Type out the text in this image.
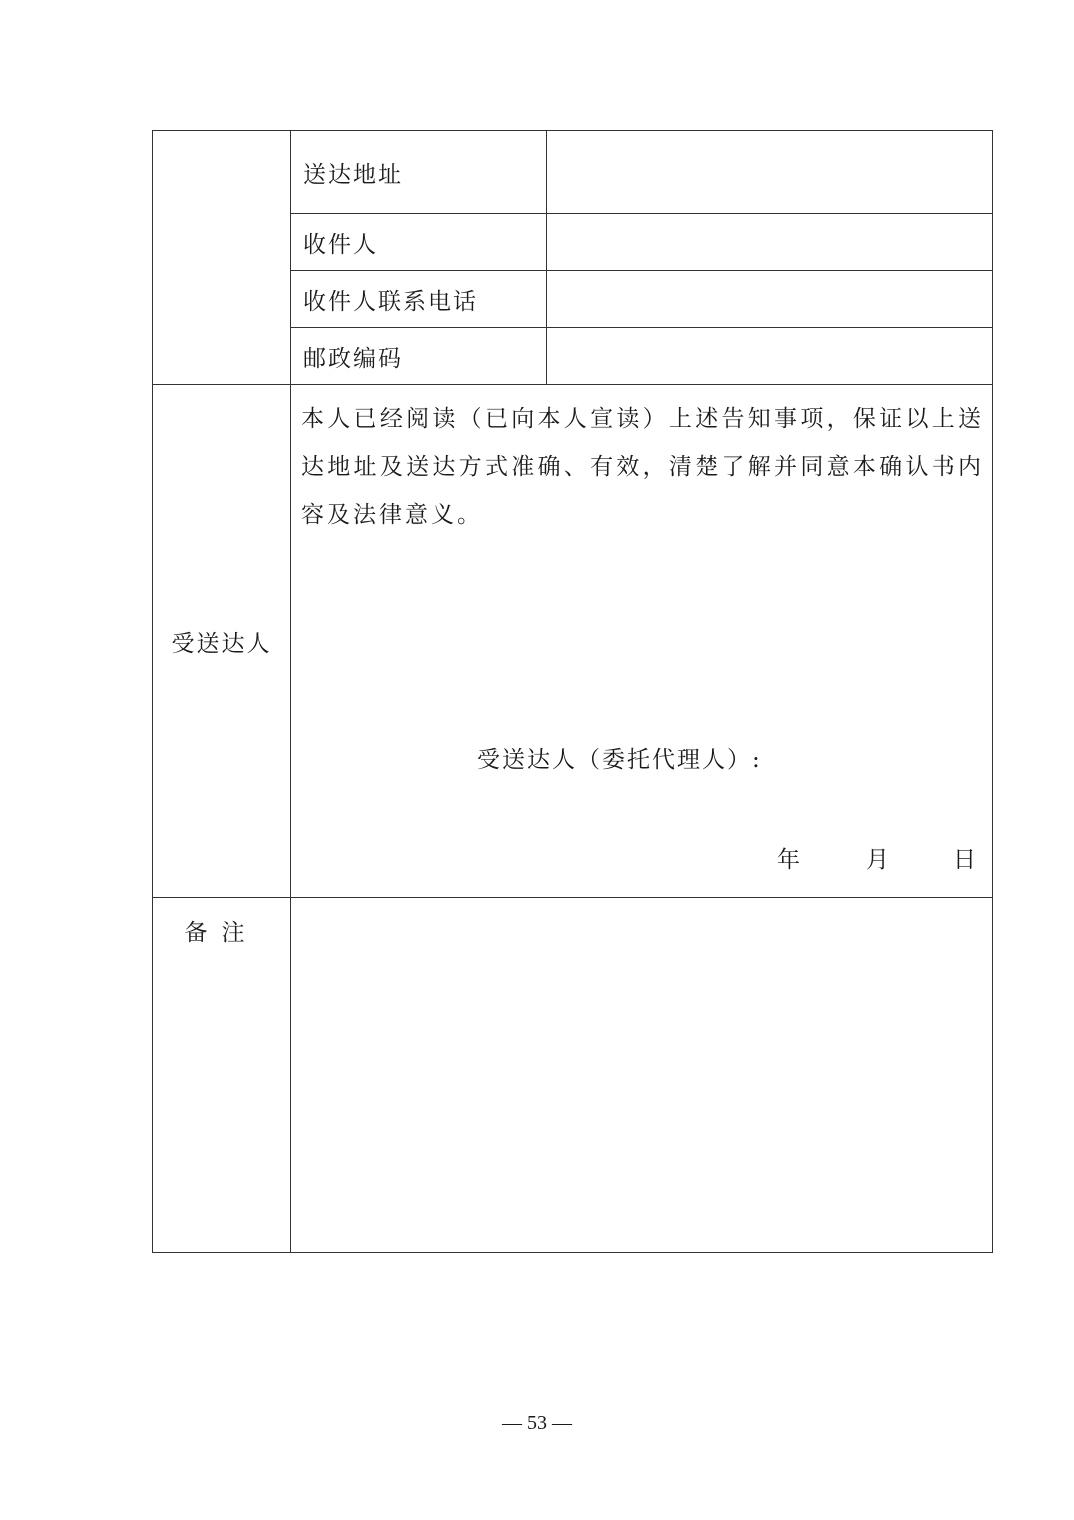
	送达地址	
	收件人	
	收件人联系电话	
	邮政编码	
受送达人	本人已经阅读（已向本人宣读）上述告知事项，保证以上送达地址及送达方式准确、有效，清楚了解并同意本确认书内容及法律意义。
受送达人（委托代理人）:
年 月 日	

备注		
— 53 —
